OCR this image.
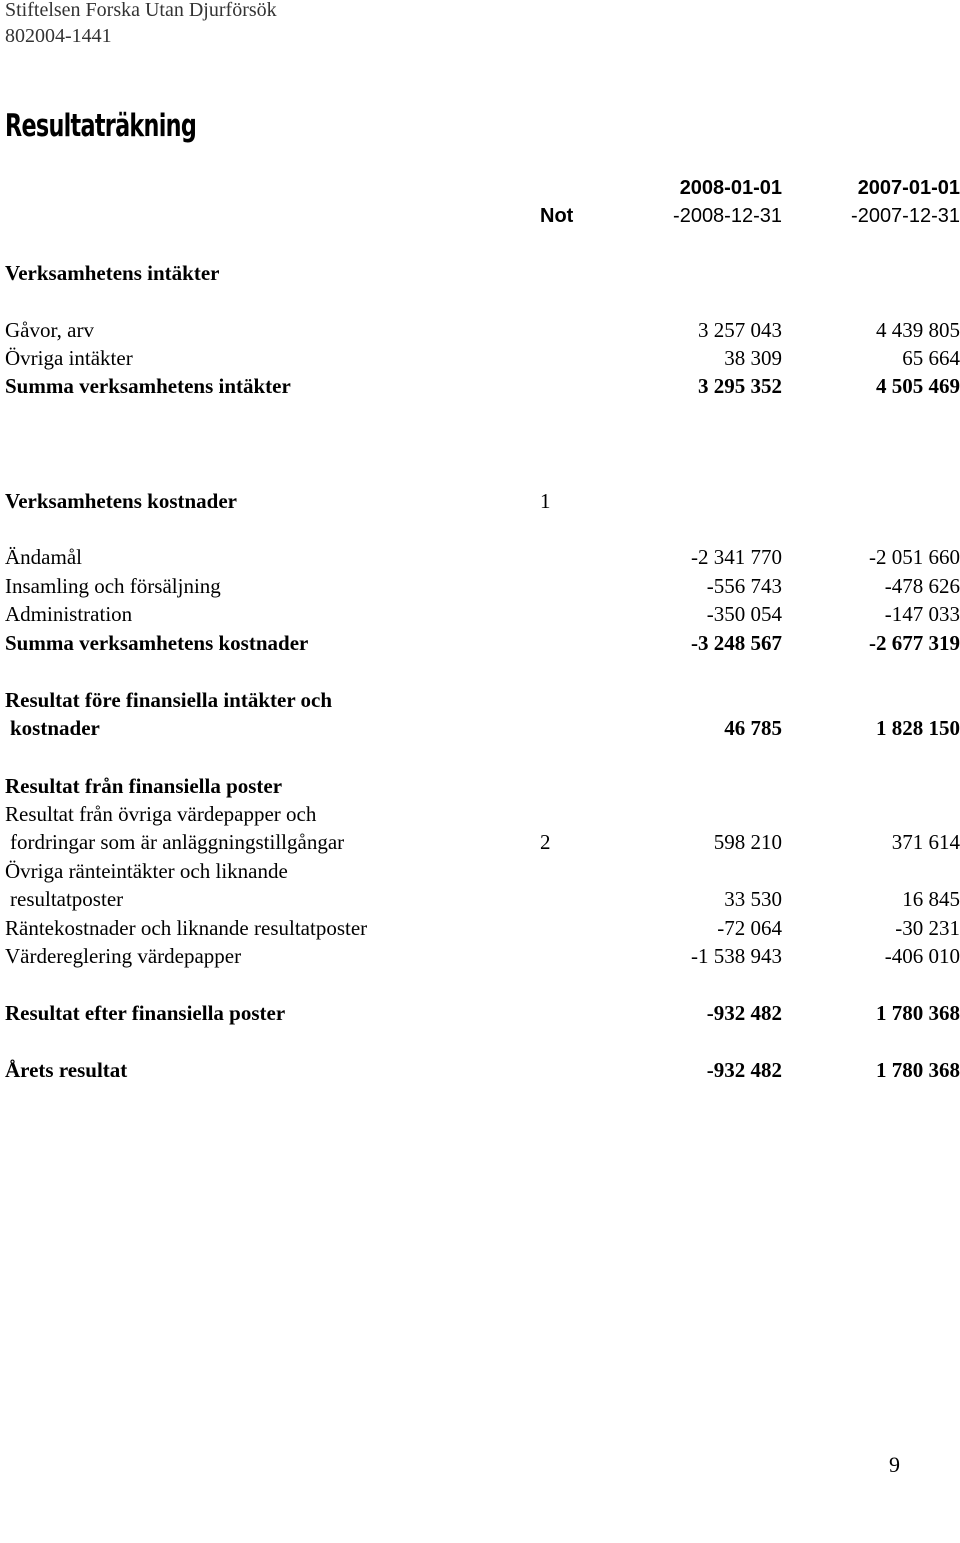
Stiftelsen Forska Utan Djurförsök
802004-1441
Resultaträkning
2008-01-01	2007-01-01
Not	-2008-12-31	-2007-12-31
Verksamhetens intäkter
Gåvor, arv	3 257 043	4 439 805
Övriga intäkter	38 309	65 664
Summa verksamhetens intäkter	3 295 352	4 505 469
Verksamhetens kostnader	1
Ändamål	-2 341 770	-2 051 660
Insamling och försäljning	-556 743	-478 626
Administration	-350 054	-147 033
Summa verksamhetens kostnader	-3 248 567	-2 677 319
Resultat före finansiella intäkter och
kostnader	46 785	1 828 150
Resultat från finansiella poster
Resultat från övriga värdepapper och
fordringar som är anläggningstillgångar	2	598 210	371 614
Övriga ränteintäkter och liknande
resultatposter	33 530	16 845
Räntekostnader och liknande resultatposter	-72 064	-30 231
Värdereglering värdepapper	-1 538 943	-406 010
Resultat efter finansiella poster	-932 482	1 780 368
Årets resultat	-932 482	1 780 368
9
